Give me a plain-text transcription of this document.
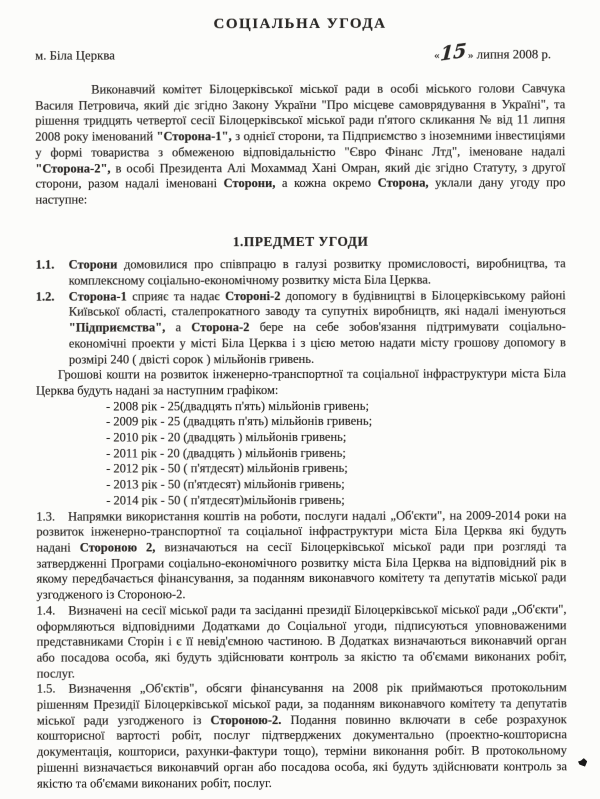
СОЦІАЛЬНА УГОДА
м. Біла Церква	«15» липня 2008 р.

Виконавчий комітет Білоцерківської міської ради в особі міського голови Савчука Василя Петровича, який діє згідно Закону України "Про місцеве самоврядування в Україні", та рішення тридцять четвертої сесії Білоцерківської міської ради п'ятого скликання № від 11 липня 2008 року іменований "Сторона-1", з однієї сторони, та Підприємство з іноземними інвестиціями у формі товариства з обмеженою відповідальністю "Євро Фінанс Лтд", іменоване надалі "Сторона-2", в особі Президента Алі Мохаммад Хані Омран, який діє згідно Статуту, з другої сторони, разом надалі іменовані Сторони, а кожна окремо Сторона, уклали дану угоду про наступне:

1.ПРЕДМЕТ УГОДИ
1.1. Сторони домовилися про співпрацю в галузі розвитку промисловості, виробництва, та комплексному соціально-економічному розвитку міста Біла Церква.
1.2. Сторона-1 сприяє та надає Стороні-2 допомогу в будівництві в Білоцерківському районі Київської області, сталепрокатного заводу та супутніх виробництв, які надалі іменуються "Підприємства", а Сторона-2 бере на себе зобов'язання підтримувати соціально-економічні проекти у місті Біла Церква і з цією метою надати місту грошову допомогу в розмірі 240 ( двісті сорок ) мільйонів гривень.
Грошові кошти на розвиток інженерно-транспортної та соціальної інфраструктури міста Біла Церква будуть надані за наступним графіком:
- 2008 рік - 25(двадцять п'ять) мільйонів гривень;
- 2009 рік - 25 (двадцять п'ять) мільйонів гривень;
- 2010 рік - 20 (двадцять ) мільйонів гривень;
- 2011 рік - 20 (двадцять ) мільйонів гривень;
- 2012 рік - 50 ( п'ятдесят) мільйонів гривень;
- 2013 рік - 50 (п'ятдесят) мільйонів гривень;
- 2014 рік - 50 ( п'ятдесят)мільйонів гривень;
1.3. Напрямки використання коштів на роботи, послуги надалі „Об'єкти", на 2009-2014 роки на розвиток інженерно-транспортної та соціальної інфраструктури міста Біла Церква які будуть надані Стороною 2, визначаються на сесії Білоцерківської міської ради при розгляді та затвердженні Програми соціально-економічного розвитку міста Біла Церква на відповідний рік в якому передбачається фінансування, за поданням виконавчого комітету та депутатів міської ради узгодженого із Стороною-2.
1.4. Визначені на сесії міської ради та засіданні президії Білоцерківської міської ради „Об'єкти", оформляються відповідними Додатками до Соціальної угоди, підписуються уповноваженими представниками Сторін і є її невід'ємною частиною. В Додатках визначаються виконавчий орган або посадова особа, які будуть здійснювати контроль за якістю та об'ємами виконаних робіт, послуг.
1.5. Визначення „Об'єктів", обсяги фінансування на 2008 рік приймаються протокольним рішенням Президії Білоцерківської міської ради, за поданням виконавчого комітету та депутатів міської ради узгодженого із Стороною-2. Подання повинно включати в себе розрахунок кошторисної вартості робіт, послуг підтверджених документально (проектно-кошторисна документація, кошториси, рахунки-фактури тощо), терміни виконання робіт. В протокольному рішенні визначається виконавчий орган або посадова особа, які будуть здійснювати контроль за якістю та об'ємами виконаних робіт, послуг.
